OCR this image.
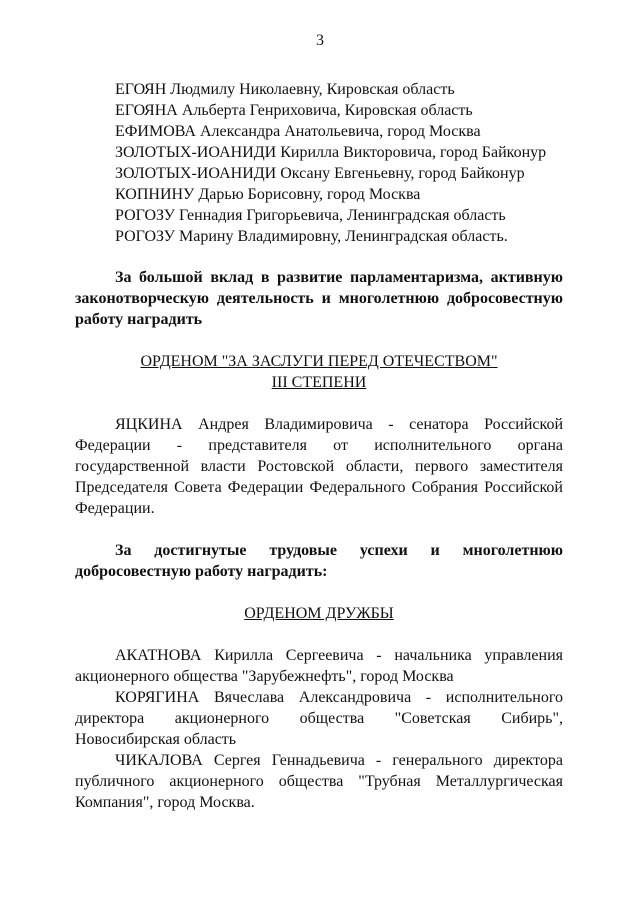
3
ЕГОЯН Людмилу Николаевну, Кировская область
ЕГОЯНА Альберта Генриховича, Кировская область
ЕФИМОВА Александра Анатольевича, город Москва
ЗОЛОТЫХ-ИОАНИДИ Кирилла Викторовича, город Байконур
ЗОЛОТЫХ-ИОАНИДИ Оксану Евгеньевну, город Байконур
КОПНИНУ Дарью Борисовну, город Москва
РОГОЗУ Геннадия Григорьевича, Ленинградская область
РОГОЗУ Марину Владимировну, Ленинградская область.
За большой вклад в развитие парламентаризма, активную законотворческую деятельность и многолетнюю добросовестную работу наградить
ОРДЕНОМ "ЗА ЗАСЛУГИ ПЕРЕД ОТЕЧЕСТВОМ"
III СТЕПЕНИ
ЯЦКИНА Андрея Владимировича - сенатора Российской Федерации - представителя от исполнительного органа государственной власти Ростовской области, первого заместителя Председателя Совета Федерации Федерального Собрания Российской Федерации.
За достигнутые трудовые успехи и многолетнюю
добросовестную работу наградить:
ОРДЕНОМ ДРУЖБЫ
АКАТНОВА Кирилла Сергеевича - начальника управления акционерного общества "Зарубежнефть", город Москва
КОРЯГИНА Вячеслава Александровича - исполнительного директора акционерного общества "Советская Сибирь", Новосибирская область
ЧИКАЛОВА Сергея Геннадьевича - генерального директора публичного акционерного общества "Трубная Металлургическая Компания", город Москва.
